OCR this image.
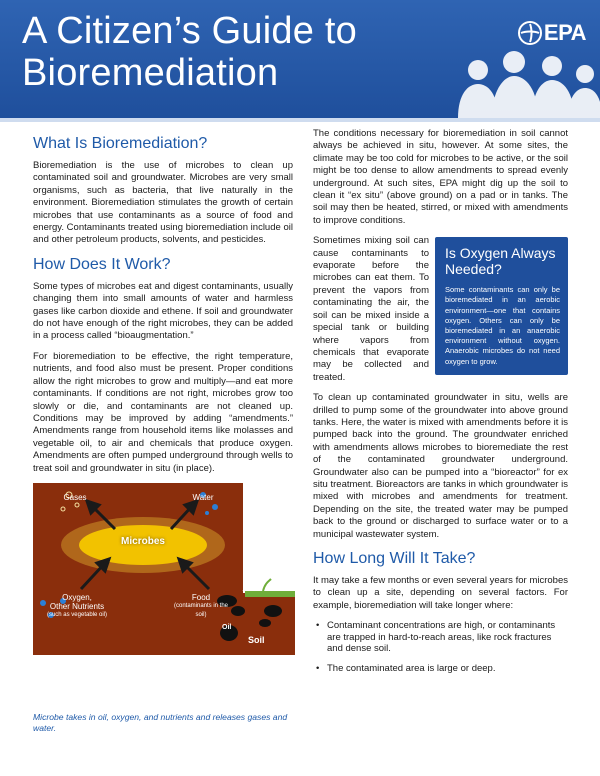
A Citizen’s Guide to
Bioremediation
EPA
What Is Bioremediation?

Bioremediation is the use of microbes to clean up contaminated soil and groundwater. Microbes are very small organisms, such as bacteria, that live naturally in the environment. Bioremediation stimulates the growth of certain microbes that use contaminants as a source of food and energy. Contaminants treated using bioremediation include oil and other petroleum products, solvents, and pesticides.

How Does It Work?

Some types of microbes eat and digest contaminants, usually changing them into small amounts of water and harmless gases like carbon dioxide and ethene. If soil and groundwater do not have enough of the right microbes, they can be added in a process called “bioaugmentation.”

For bioremediation to be effective, the right temperature, nutrients, and food also must be present. Proper conditions allow the right microbes to grow and multiply—and eat more contaminants. If conditions are not right, microbes grow too slowly or die, and contaminants are not cleaned up. Conditions may be improved by adding “amendments.” Amendments range from household items like molasses and vegetable oil, to air and chemicals that produce oxygen. Amendments are often pumped underground through wells to treat soil and groundwater in situ (in place).

Gases	Water
Microbes
Oxygen,
Other Nutrients
(such as vegetable oil)
Food
(contaminants in the soil)
Oil
Soil
Microbe takes in oil, oxygen, and nutrients and releases gases and water.

The conditions necessary for bioremediation in soil cannot always be achieved in situ, however. At some sites, the climate may be too cold for microbes to be active, or the soil might be too dense to allow amendments to spread evenly underground. At such sites, EPA might dig up the soil to clean it “ex situ” (above ground) on a pad or in tanks. The soil may then be heated, stirred, or mixed with amendments to improve conditions.

Is Oxygen Always Needed?

Some contaminants can only be bioremediated in an aerobic environment—one that contains oxygen. Others can only be bioremediated in an anaerobic environment without oxygen. Anaerobic microbes do not need oxygen to grow.

Sometimes mixing soil can cause contaminants to evaporate before the microbes can eat them. To prevent the vapors from contaminating the air, the soil can be mixed inside a special tank or building where vapors from chemicals that evaporate may be collected and treated.

To clean up contaminated groundwater in situ, wells are drilled to pump some of the groundwater into above ground tanks. Here, the water is mixed with amendments before it is pumped back into the ground. The groundwater enriched with amendments allows microbes to bioremediate the rest of the contaminated groundwater underground. Groundwater also can be pumped into a “bioreactor” for ex situ treatment. Bioreactors are tanks in which groundwater is mixed with microbes and amendments for treatment. Depending on the site, the treated water may be pumped back to the ground or discharged to surface water or to a municipal wastewater system.

How Long Will It Take?

It may take a few months or even several years for microbes to clean up a site, depending on several factors. For example, bioremediation will take longer where:

• Contaminant concentrations are high, or contaminants are trapped in hard-to-reach areas, like rock fractures and dense soil.
• The contaminated area is large or deep.
